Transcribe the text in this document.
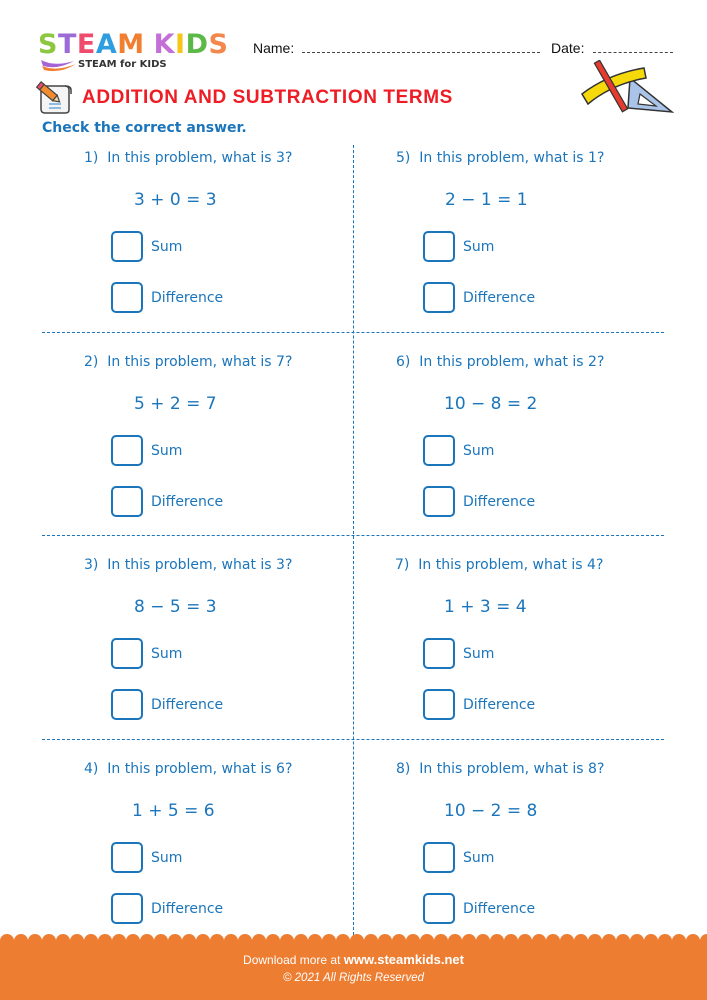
STEAM KIDS
STEAM for KIDS
Name:	Date:
ADDITION AND SUBTRACTION TERMS
Check the correct answer.
1) In this problem, what is 3?
3 + 0 = 3
Sum
Difference
2) In this problem, what is 7?
5 + 2 = 7
Sum
Difference
3) In this problem, what is 3?
8 − 5 = 3
Sum
Difference
4) In this problem, what is 6?
1 + 5 = 6
Sum
Difference
5) In this problem, what is 1?
2 − 1 = 1
Sum
Difference
6) In this problem, what is 2?
10 − 8 = 2
Sum
Difference
7) In this problem, what is 4?
1 + 3 = 4
Sum
Difference
8) In this problem, what is 8?
10 − 2 = 8
Sum
Difference
Download more at www.steamkids.net
© 2021 All Rights Reserved
